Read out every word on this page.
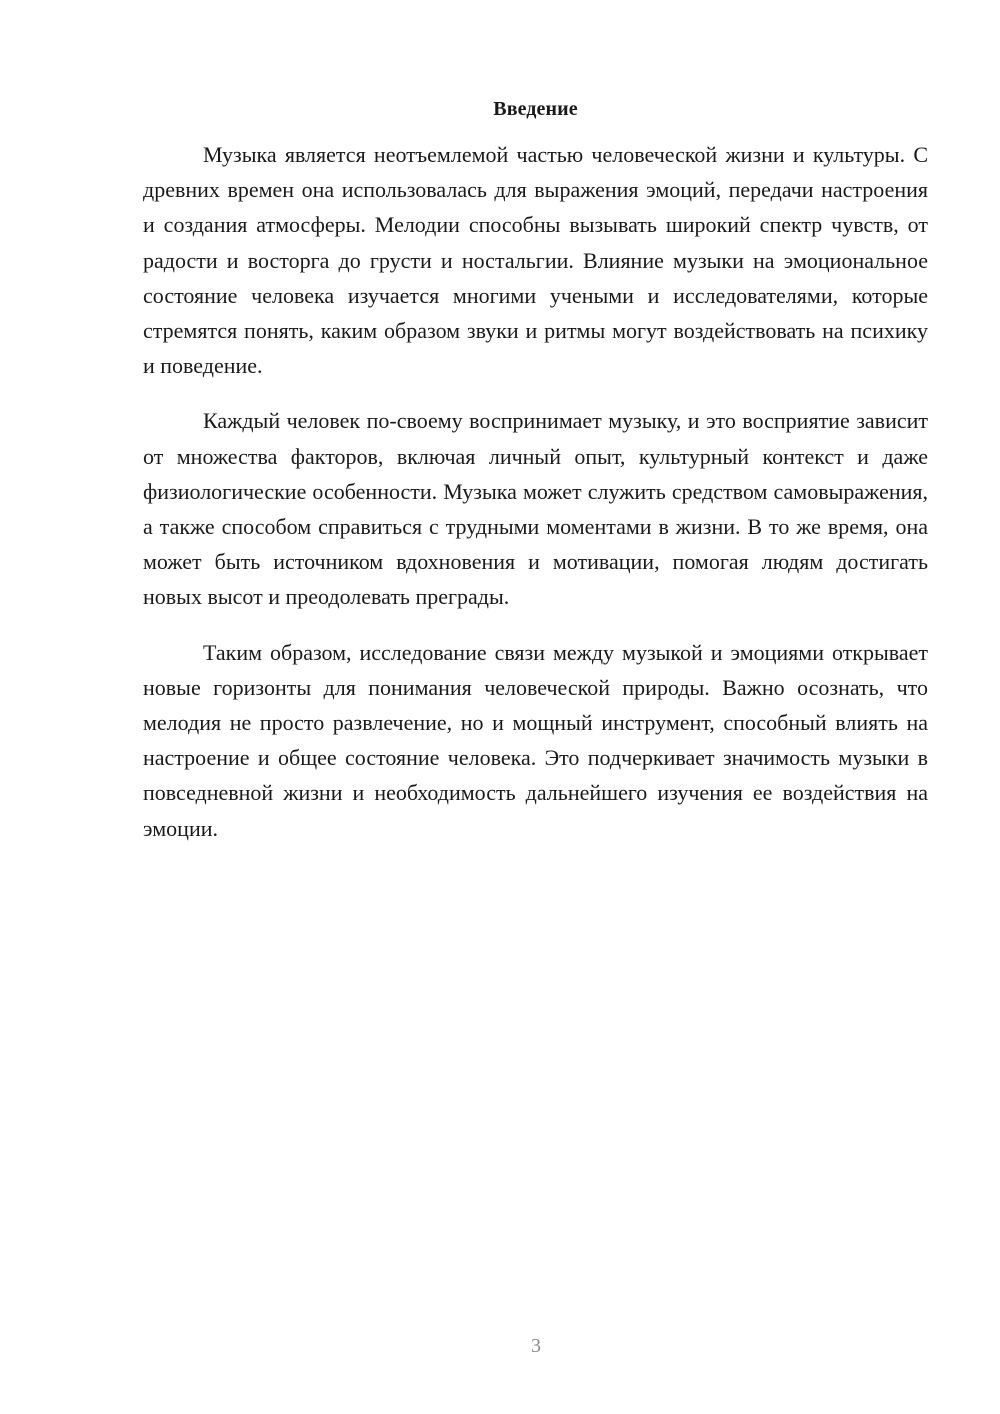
Введение

Музыка является неотъемлемой частью человеческой жизни и культуры. С древних времен она использовалась для выражения эмоций, передачи настроения и создания атмосферы. Мелодии способны вызывать широкий спектр чувств, от радости и восторга до грусти и ностальгии. Влияние музыки на эмоциональное состояние человека изучается многими учеными и исследователями, которые стремятся понять, каким образом звуки и ритмы могут воздействовать на психику и поведение.

Каждый человек по-своему воспринимает музыку, и это восприятие зависит от множества факторов, включая личный опыт, культурный контекст и даже физиологические особенности. Музыка может служить средством самовыражения, а также способом справиться с трудными моментами в жизни. В то же время, она может быть источником вдохновения и мотивации, помогая людям достигать новых высот и преодолевать преграды.

Таким образом, исследование связи между музыкой и эмоциями открывает новые горизонты для понимания человеческой природы. Важно осознать, что мелодия не просто развлечение, но и мощный инструмент, способный влиять на настроение и общее состояние человека. Это подчеркивает значимость музыки в повседневной жизни и необходимость дальнейшего изучения ее воздействия на эмоции.

3
